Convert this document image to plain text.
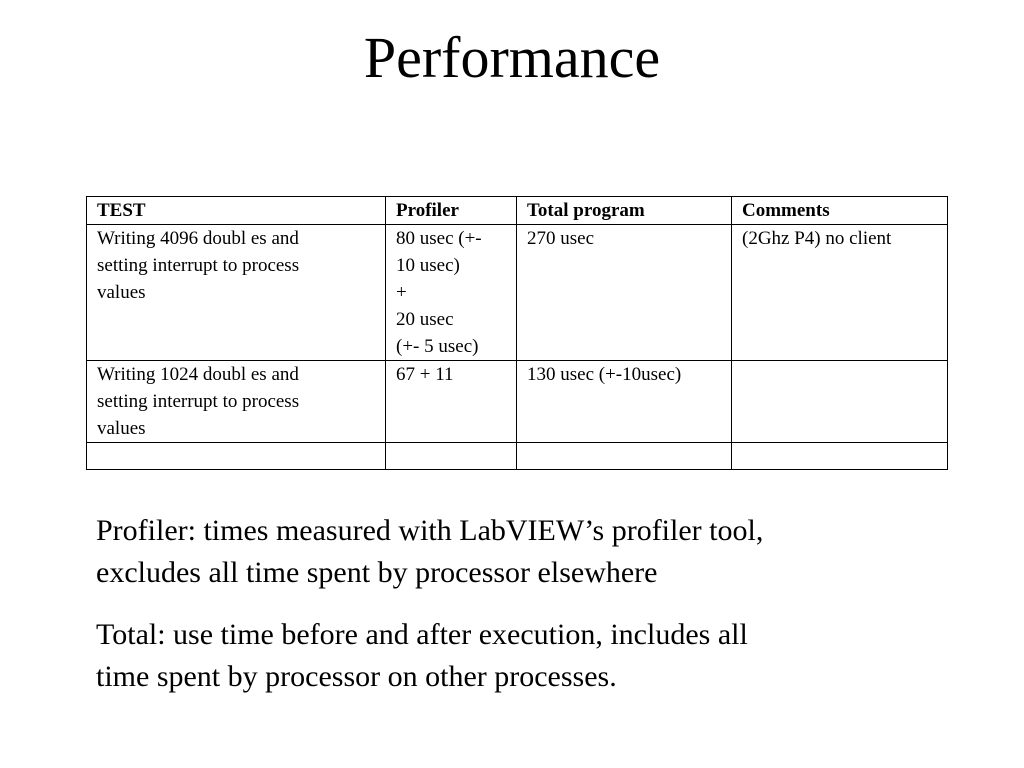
Performance
TEST	Profiler	Total program	Comments

Writing 4096 doubl es and
setting interrupt to process
values	80 usec (+-
10 usec)
+
20 usec
(+- 5 usec)	270 usec	(2Ghz P4) no client

Writing 1024 doubl es and
setting interrupt to process
values	67 + 11	130 usec (+-10usec)	

Profiler: times measured with LabVIEW’s profiler tool,
excludes all time spent by processor elsewhere

Total: use time before and after execution, includes all
time spent by processor on other processes.
